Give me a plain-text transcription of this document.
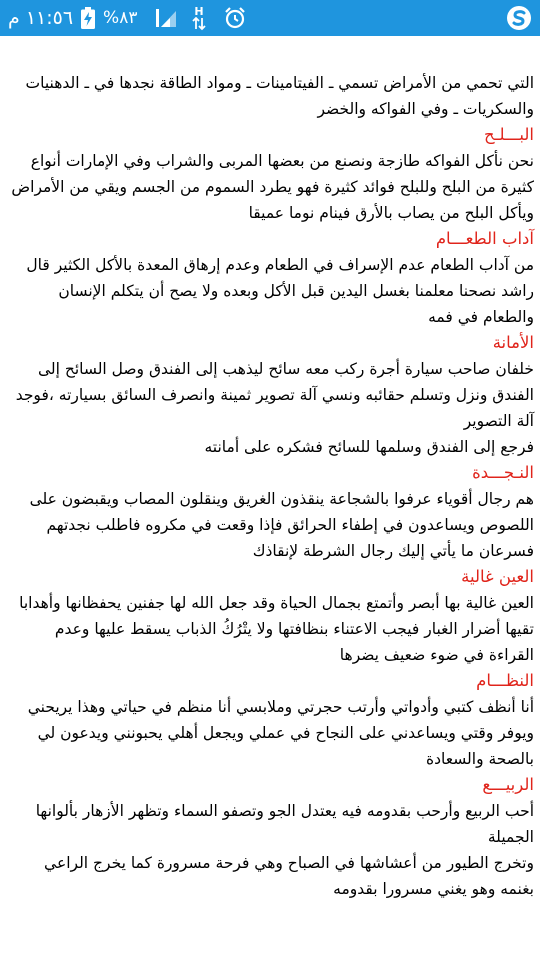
١١:٥٦ م %٨٣	H

التي تحمي من الأمراض تسمي ـ الفيتامينات ـ ومواد الطاقة نجدها في ـ الدهنيات والسكريات ـ وفي الفواكه والخضر

البـــلـح

نحن نأكل الفواكه طازجة ونصنع من بعضها المربى والشراب وفي الإمارات أنواع كثيرة من البلح وللبلح فوائد كثيرة فهو يطرد السموم من الجسم ويقي من الأمراض ويأكل البلح من يصاب بالأرق فينام نوما عميقا

آداب الطعـــام

من آداب الطعام عدم الإسراف في الطعام وعدم إرهاق المعدة بالأكل الكثير قال راشد نصحنا معلمنا بغسل اليدين قبل الأكل وبعده ولا يصح أن يتكلم الإنسان والطعام في فمه

الأمانة

خلفان صاحب سيارة أجرة ركب معه سائح ليذهب إلى الفندق وصل السائح إلى الفندق ونزل وتسلم حقائبه ونسي آلة تصوير ثمينة وانصرف السائق بسيارته ،فوجد آلة التصوير

فرجع إلى الفندق وسلمها للسائح فشكره على أمانته

النـجـــدة

هم رجال أقوياء عرفوا بالشجاعة ينقذون الغريق وينقلون المصاب ويقبضون على اللصوص ويساعدون في إطفاء الحرائق فإذا وقعت في مكروه فاطلب نجدتهم فسرعان ما يأتي إليك رجال الشرطة لإنقاذك

العين غالية

العين غالية بها أبصر وأتمتع بجمال الحياة وقد جعل الله لها جفنين يحفظانها وأهدابا تقيها أضرار الغبار فيجب الاعتناء بنظافتها ولا يتْرُكُ الذباب يسقط عليها وعدم القراءة في ضوء ضعيف يضرها

النظـــام

أنا أنظف كتبي وأدواتي وأرتب حجرتي وملابسي أنا منظم في حياتي وهذا يريحني ويوفر وقتي ويساعدني على النجاح في عملي ويجعل أهلي يحبونني ويدعون لي بالصحة والسعادة

الربيـــع

أحب الربيع وأرحب بقدومه فيه يعتدل الجو وتصفو السماء وتظهر الأزهار بألوانها الجميلة

وتخرج الطيور من أعشاشها في الصباح وهي فرحة مسرورة كما يخرج الراعي بغنمه وهو يغني مسرورا بقدومه
